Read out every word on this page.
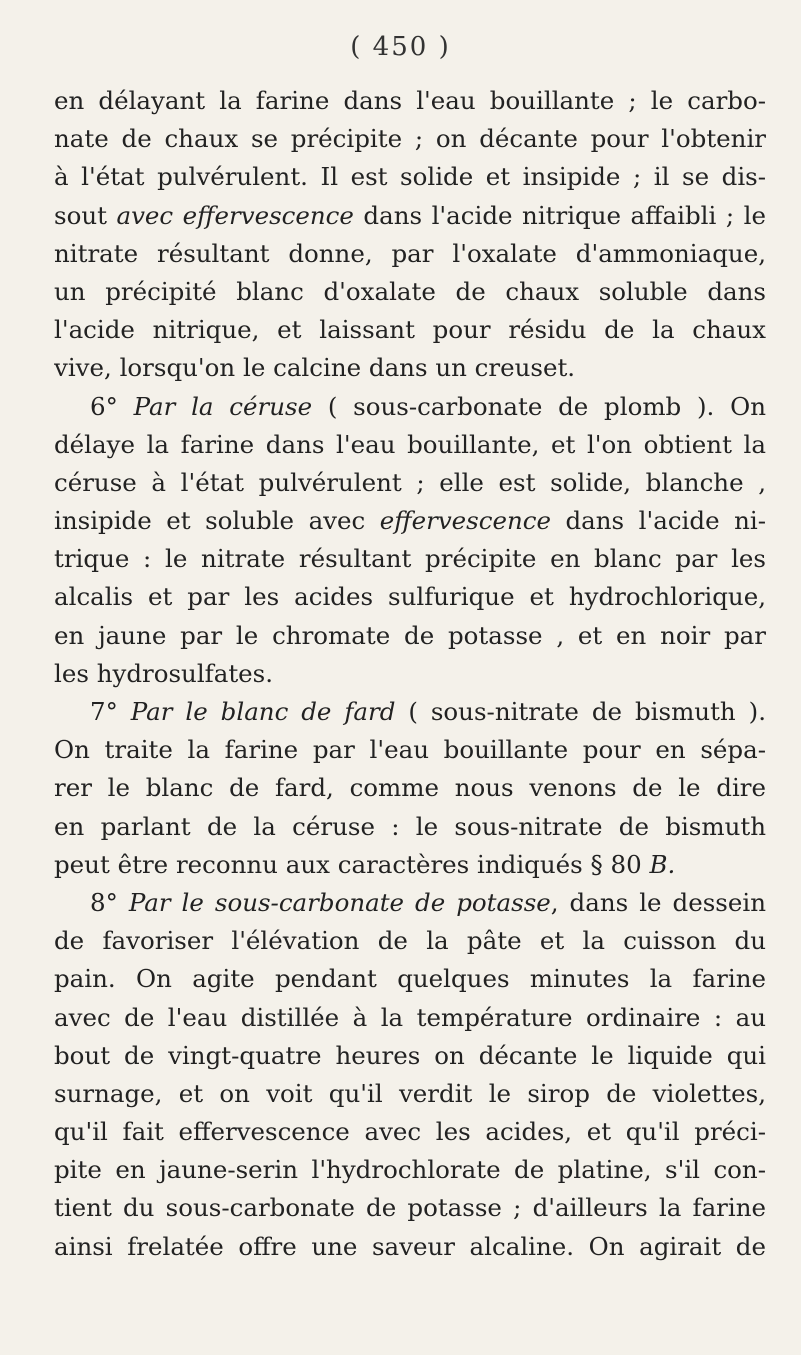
( 450 )
en délayant la farine dans l'eau bouillante ; le carbo-
nate de chaux se précipite ; on décante pour l'obtenir
à l'état pulvérulent. Il est solide et insipide ; il se dis-
sout avec effervescence dans l'acide nitrique affaibli ; le
nitrate résultant donne, par l'oxalate d'ammoniaque,
un précipité blanc d'oxalate de chaux soluble dans
l'acide nitrique, et laissant pour résidu de la chaux
vive, lorsqu'on le calcine dans un creuset.
6° Par la céruse ( sous-carbonate de plomb ). On
délaye la farine dans l'eau bouillante, et l'on obtient la
céruse à l'état pulvérulent ; elle est solide, blanche ,
insipide et soluble avec effervescence dans l'acide ni-
trique : le nitrate résultant précipite en blanc par les
alcalis et par les acides sulfurique et hydrochlorique,
en jaune par le chromate de potasse , et en noir par
les hydrosulfates.
7° Par le blanc de fard ( sous-nitrate de bismuth ).
On traite la farine par l'eau bouillante pour en sépa-
rer le blanc de fard, comme nous venons de le dire
en parlant de la céruse : le sous-nitrate de bismuth
peut être reconnu aux caractères indiqués § 80 B.
8° Par le sous-carbonate de potasse, dans le dessein
de favoriser l'élévation de la pâte et la cuisson du
pain. On agite pendant quelques minutes la farine
avec de l'eau distillée à la température ordinaire : au
bout de vingt-quatre heures on décante le liquide qui
surnage, et on voit qu'il verdit le sirop de violettes,
qu'il fait effervescence avec les acides, et qu'il préci-
pite en jaune-serin l'hydrochlorate de platine, s'il con-
tient du sous-carbonate de potasse ; d'ailleurs la farine
ainsi frelatée offre une saveur alcaline. On agirait de
